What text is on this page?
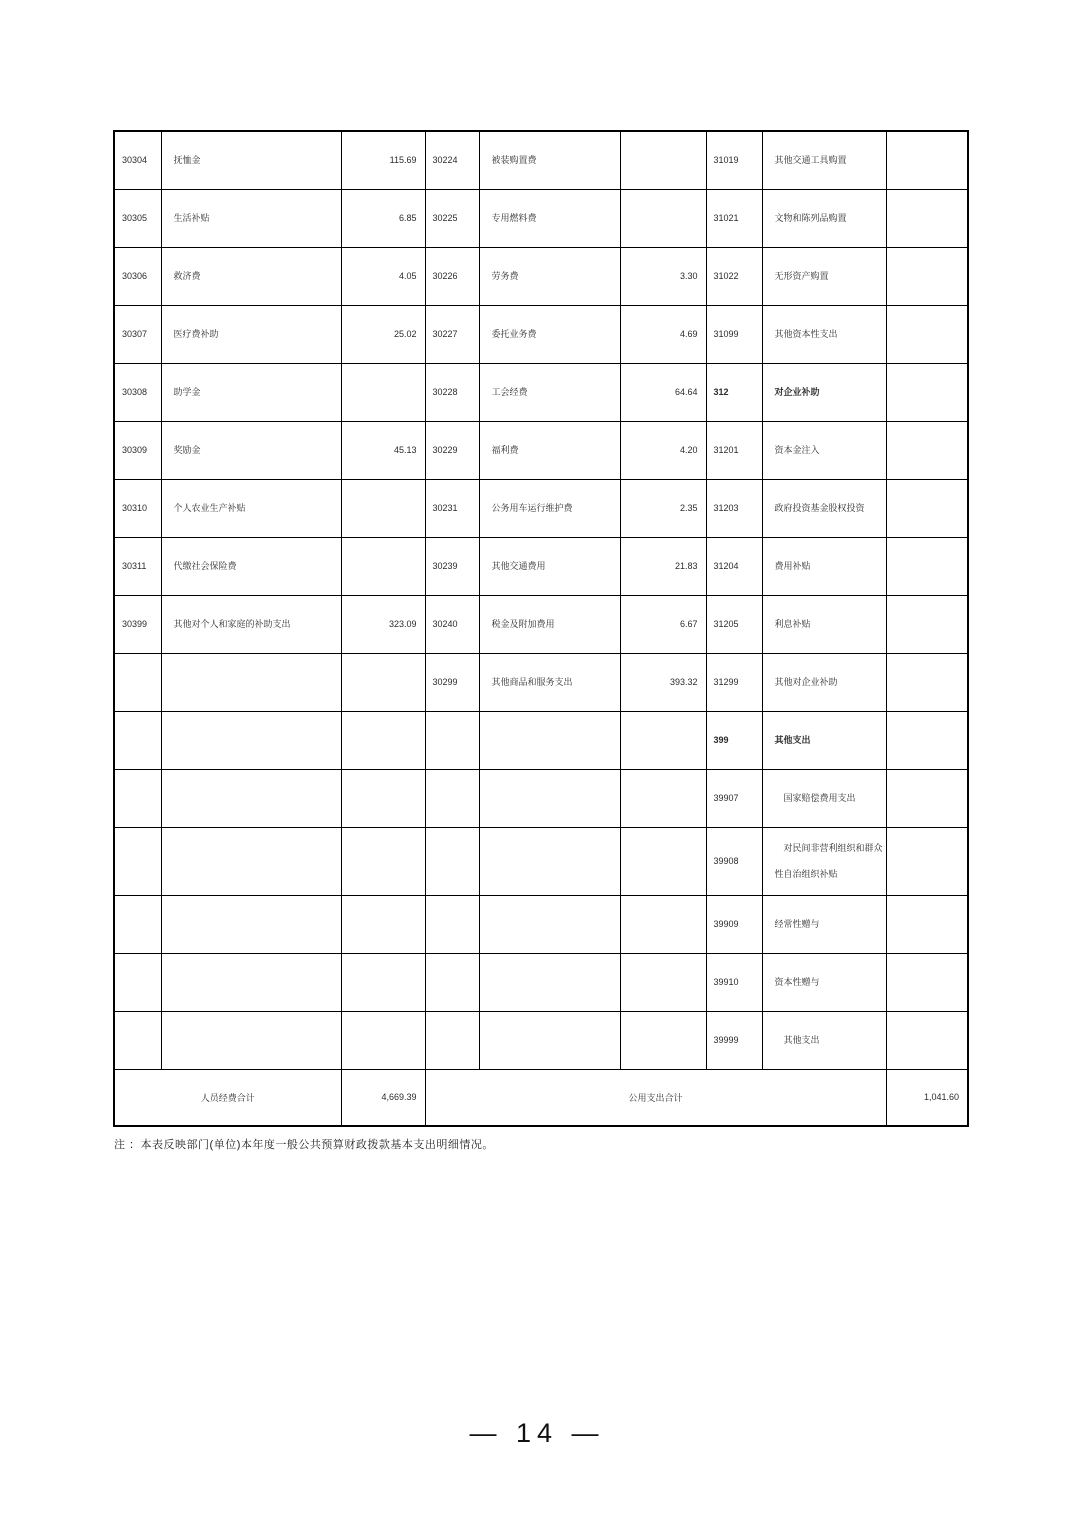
30304	抚恤金	115.69	30224	被装购置费		31019	其他交通工具购置	
30305	生活补贴	6.85	30225	专用燃料费		31021	文物和陈列品购置	
30306	救济费	4.05	30226	劳务费	3.30	31022	无形资产购置	
30307	医疗费补助	25.02	30227	委托业务费	4.69	31099	其他资本性支出	
30308	助学金		30228	工会经费	64.64	312	对企业补助	
30309	奖励金	45.13	30229	福利费	4.20	31201	资本金注入	
30310	个人农业生产补贴		30231	公务用车运行维护费	2.35	31203	政府投资基金股权投资	
30311	代缴社会保险费		30239	其他交通费用	21.83	31204	费用补贴	
30399	其他对个人和家庭的补助支出	323.09	30240	税金及附加费用	6.67	31205	利息补贴	
			30299	其他商品和服务支出	393.32	31299	其他对企业补助	
						399	其他支出	
						39907	国家赔偿费用支出	
						39908	对民间非营利组织和群众性自治组织补贴	
						39909	经常性赠与	
						39910	资本性赠与	
						39999	其他支出	
人员经费合计		4,669.39	公用支出合计					1,041.60
注 ：本表反映部门(单位)本年度一般公共预算财政拨款基本支出明细情况。
— 14 —
